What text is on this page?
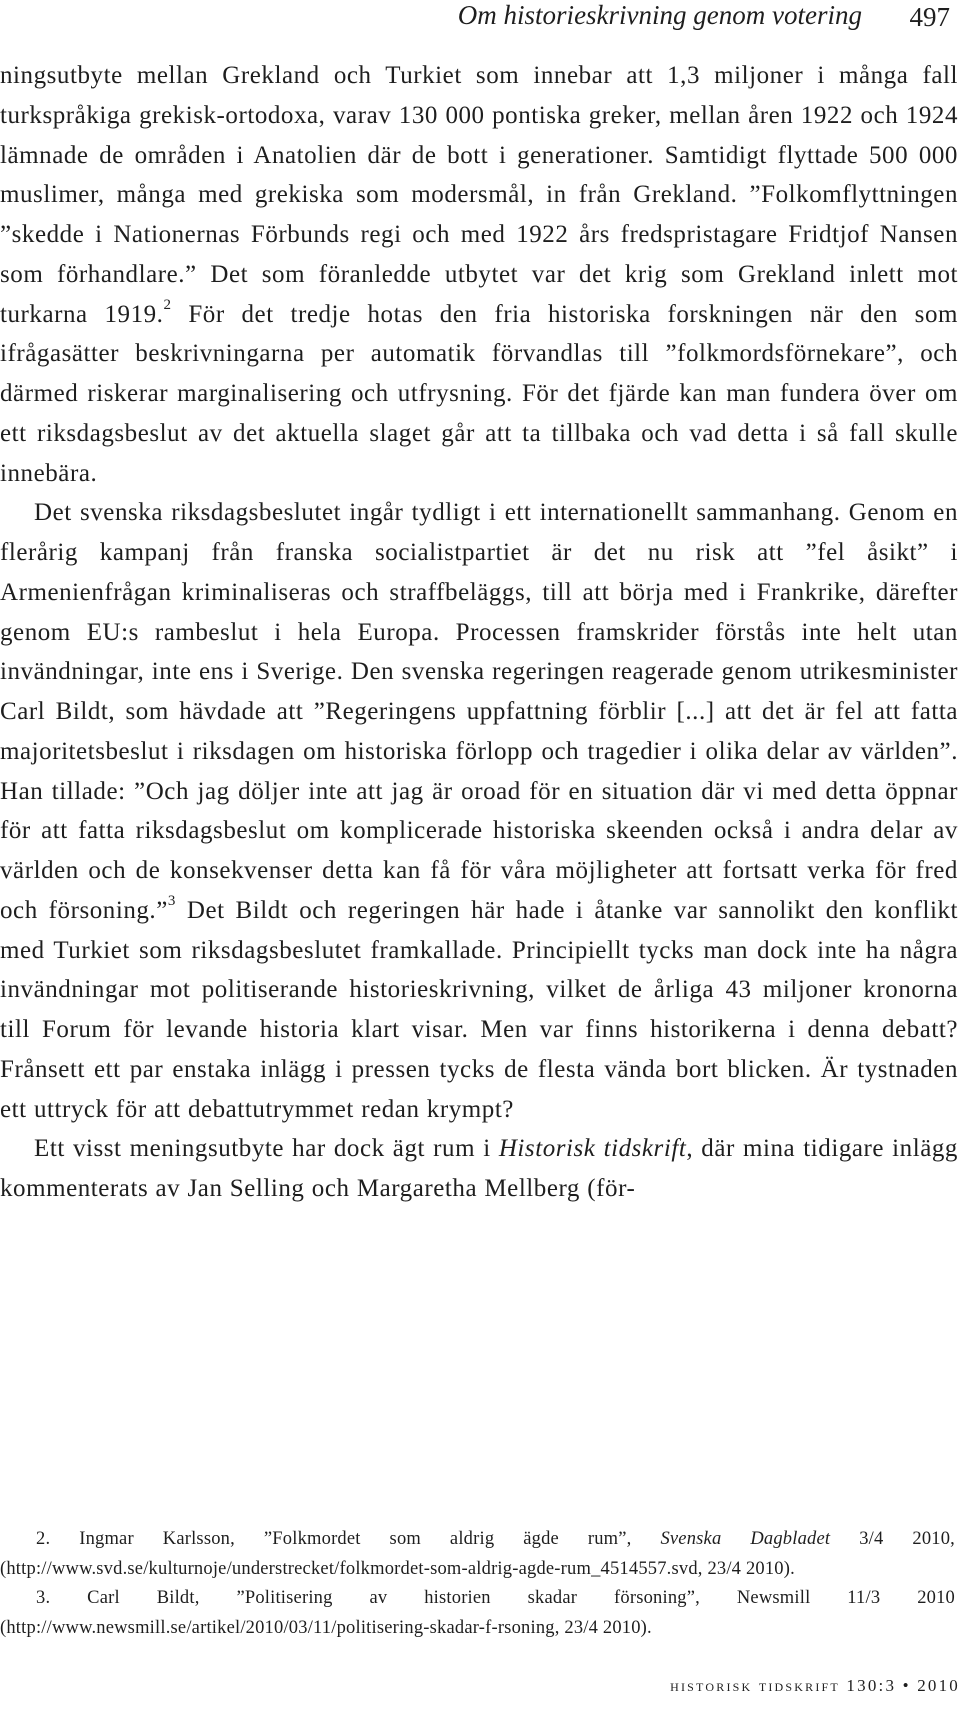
Om historieskrivning genom votering 497

ningsutbyte mellan Grekland och Turkiet som innebar att 1,3 miljoner i många fall turkspråkiga grekisk-ortodoxa, varav 130 000 pontiska greker, mellan åren 1922 och 1924 lämnade de områden i Anatolien där de bott i generationer. Samtidigt flyttade 500 000 muslimer, många med grekiska som modersmål, in från Grekland. ”Folkomflyttningen ”skedde i Nationernas Förbunds regi och med 1922 års fredspristagare Fridtjof Nansen som förhandlare.” Det som föranledde utbytet var det krig som Grekland inlett mot turkarna 1919.$^2$ För det tredje hotas den fria historiska forskningen när den som ifrågasätter beskrivningarna per automatik förvandlas till ”folkmordsförnekare”, och därmed riskerar marginalisering och utfrysning. För det fjärde kan man fundera över om ett riksdagsbeslut av det aktuella slaget går att ta tillbaka och vad detta i så fall skulle innebära.

Det svenska riksdagsbeslutet ingår tydligt i ett internationellt sammanhang. Genom en flerårig kampanj från franska socialistpartiet är det nu risk att ”fel åsikt” i Armenienfrågan kriminaliseras och straffbeläggs, till att börja med i Frankrike, därefter genom EU:s rambeslut i hela Europa. Processen framskrider förstås inte helt utan invändningar, inte ens i Sverige. Den svenska regeringen reagerade genom utrikesminister Carl Bildt, som hävdade att ”Regeringens uppfattning förblir [...] att det är fel att fatta majoritetsbeslut i riksdagen om historiska förlopp och tragedier i olika delar av världen”. Han tillade: ”Och jag döljer inte att jag är oroad för en situation där vi med detta öppnar för att fatta riksdagsbeslut om komplicerade historiska skeenden också i andra delar av världen och de konsekvenser detta kan få för våra möjligheter att fortsatt verka för fred och försoning.”$^3$ Det Bildt och regeringen här hade i åtanke var sannolikt den konflikt med Turkiet som riksdagsbeslutet framkallade. Principiellt tycks man dock inte ha några invändningar mot politiserande historieskrivning, vilket de årliga 43 miljoner kronorna till Forum för levande historia klart visar. Men var finns historikerna i denna debatt? Frånsett ett par enstaka inlägg i pressen tycks de flesta vända bort blicken. Är tystnaden ett uttryck för att debattutrymmet redan krympt?

Ett visst meningsutbyte har dock ägt rum i Historisk tidskrift, där mina tidigare inlägg kommenterats av Jan Selling och Margaretha Mellberg (för-

2. Ingmar Karlsson, ”Folkmordet som aldrig ägde rum”, Svenska Dagbladet 3/4 2010, (http://www.svd.se/kulturnoje/understrecket/folkmordet-som-aldrig-agde-rum_4514557.svd, 23/4 2010).

3. Carl Bildt, ”Politisering av historien skadar försoning”, Newsmill 11/3 2010 (http://www.newsmill.se/artikel/2010/03/11/politisering-skadar-f-rsoning, 23/4 2010).

historisk tidskrift 130:3 • 2010
